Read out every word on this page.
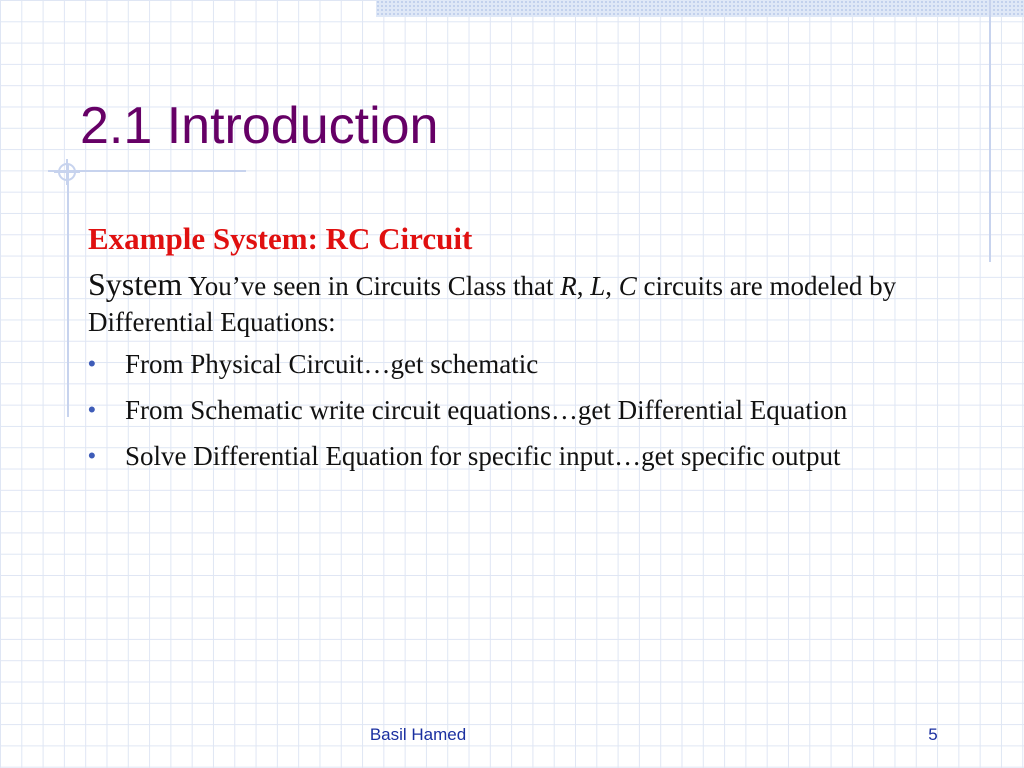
2.1 Introduction
Example System: RC Circuit
System You’ve seen in Circuits Class that R, L, C circuits are modeled by Differential Equations:
• From Physical Circuit…get schematic
• From Schematic write circuit equations…get Differential Equation
• Solve Differential Equation for specific input…get specific output
Basil Hamed	5
